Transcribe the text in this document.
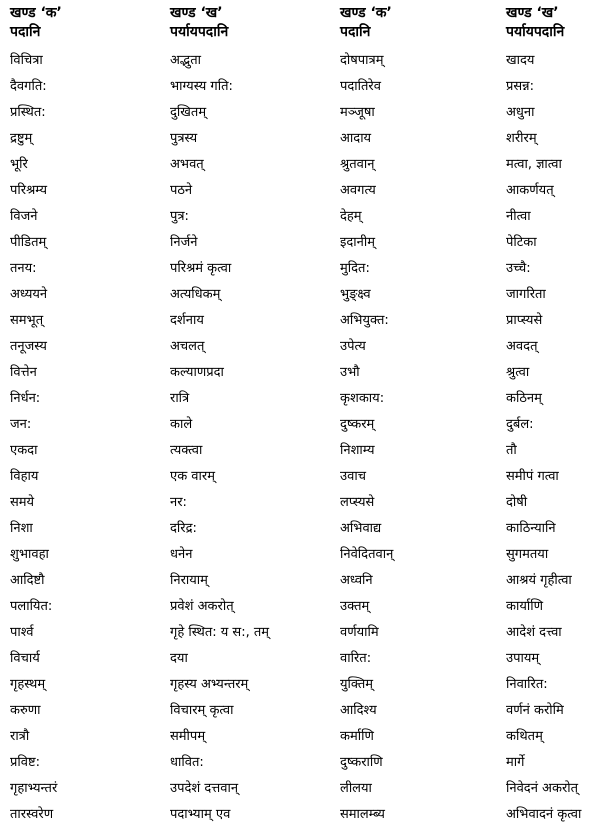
खण्ड ‘क’	खण्ड ‘ख’	खण्ड ‘क’	खण्ड ‘ख’
पदानि	पर्यायपदानि	पदानि	पर्यायपदानि
विचित्रा	अद्भुता	दोषपात्रम्	खादय
दैवगति:	भाग्यस्य गति:	पदातिरेव	प्रसन्न:
प्रस्थित:	दुखितम्	मञ्जूषा	अधुना
द्रष्टुम्	पुत्रस्य	आदाय	शरीरम्
भूरि	अभवत्	श्रुतवान्	मत्वा, ज्ञात्वा
परिश्रम्य	पठने	अवगत्य	आकर्णयत्
विजने	पुत्र:	देहम्	नीत्वा
पीडितम्	निर्जने	इदानीम्	पेटिका
तनय:	परिश्रमं कृत्वा	मुदित:	उच्चै:
अध्ययने	अत्यधिकम्	भुङ्क्ष्व	जागरिता
समभूत्	दर्शनाय	अभियुक्त:	प्राप्स्यसे
तनूजस्य	अचलत्	उपेत्य	अवदत्
वित्तेन	कल्याणप्रदा	उभौ	श्रुत्वा
निर्धन:	रात्रि	कृशकाय:	कठिनम्
जन:	काले	दुष्करम्	दुर्बल:
एकदा	त्यक्त्वा	निशाम्य	तौ
विहाय	एक वारम्	उवाच	समीपं गत्वा
समये	नर:	लप्स्यसे	दोषी
निशा	दरिद्र:	अभिवाद्य	काठिन्यानि
शुभावहा	धनेन	निवेदितवान्	सुगमतया
आदिष्टौ	निरायाम्	अध्वनि	आश्रयं गृहीत्वा
पलायित:	प्रवेशं अकरोत्	उक्तम्	कार्याणि
पार्श्व	गृहे स्थित: य स:, तम्	वर्णयामि	आदेशं दत्त्वा
विचार्य	दया	वारित:	उपायम्
गृहस्थम्	गृहस्य अभ्यन्तरम्	युक्तिम्	निवारित:
करुणा	विचारम् कृत्वा	आदिश्य	वर्णनं करोमि
रात्रौ	समीपम्	कर्माणि	कथितम्
प्रविष्ट:	धावित:	दुष्कराणि	मार्गे
गृहाभ्यन्तरं	उपदेशं दत्तवान्	लीलया	निवेदनं अकरोत्
तारस्वरेण	पदाभ्याम् एव	समालम्ब्य	अभिवादनं कृत्वा
